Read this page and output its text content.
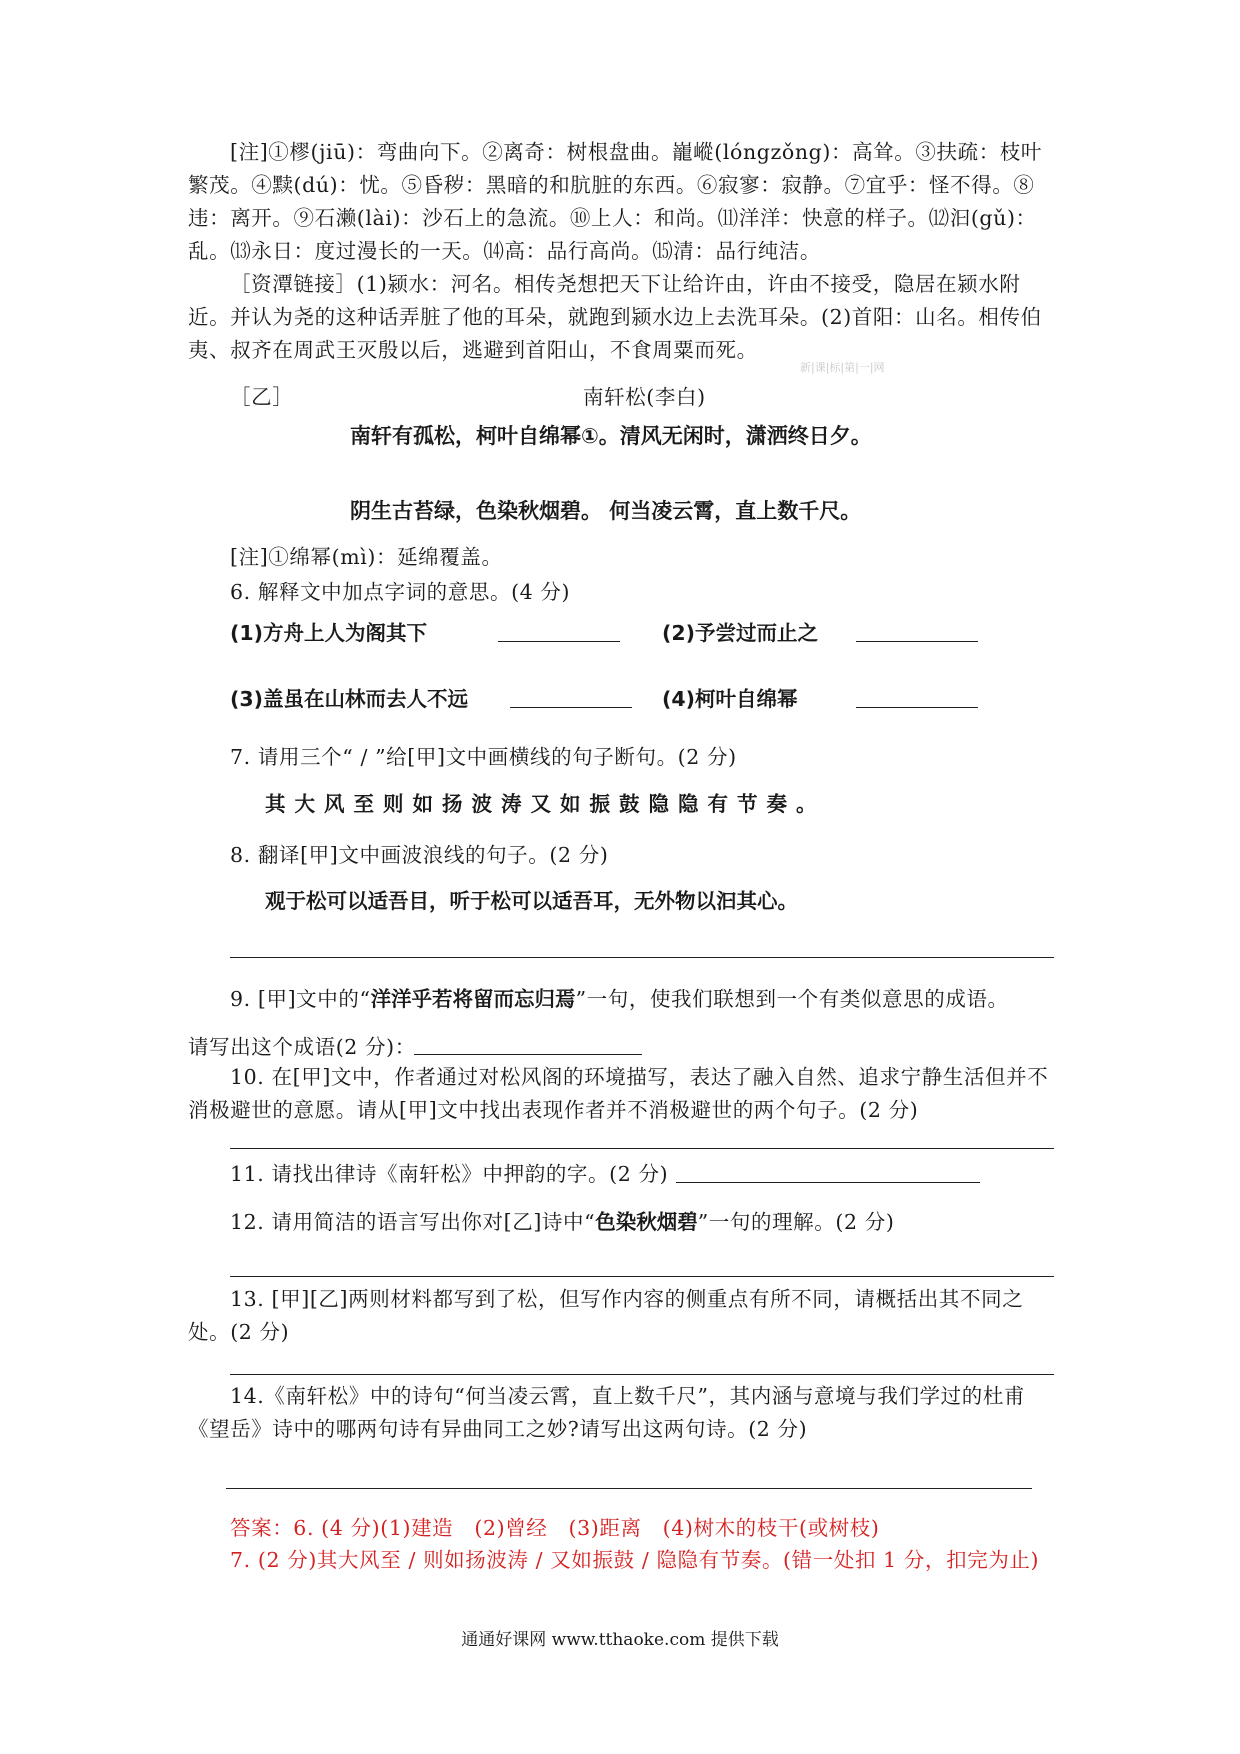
[注]①樛(jiū)：弯曲向下。②离奇：树根盘曲。巃嵷(lóngzǒng)：高耸。③扶疏：枝叶繁茂。④黩(dú)：忧。⑤昏秽：黑暗的和肮脏的东西。⑥寂寥：寂静。⑦宜乎：怪不得。⑧违：离开。⑨石濑(lài)：沙石上的急流。⑩上人：和尚。⑾洋洋：快意的样子。⑿汩(gǔ)：乱。⒀永日：度过漫长的一天。⒁高：品行高尚。⒂清：品行纯洁。
［资潭链接］(1)颍水：河名。相传尧想把天下让给许由，许由不接受，隐居在颍水附近。并认为尧的这种话弄脏了他的耳朵，就跑到颍水边上去洗耳朵。(2)首阳：山名。相传伯夷、叔齐在周武王灭殷以后，逃避到首阳山，不食周粟而死。
新|课|标|第|一|网
［乙］	南轩松(李白)
南轩有孤松，柯叶自绵幂①。清风无闲时，潇洒终日夕。
阴生古苔绿，色染秋烟碧。 何当凌云霄，直上数千尺。
[注]①绵幂(mì)：延绵覆盖。
6. 解释文中加点字词的意思。(4 分)
(1)方舟上人为阁其下	(2)予尝过而止之
(3)盖虽在山林而去人不远	(4)柯叶自绵幂
7. 请用三个“ / ”给[甲]文中画横线的句子断句。(2 分)
其大风至则如扬波涛又如振鼓隐隐有节奏。
8. 翻译[甲]文中画波浪线的句子。(2 分)
观于松可以适吾目，听于松可以适吾耳，无外物以汩其心。
9. [甲]文中的“洋洋乎若将留而忘归焉”一句，使我们联想到一个有类似意思的成语。
请写出这个成语(2 分)：
10. 在[甲]文中，作者通过对松风阁的环境描写，表达了融入自然、追求宁静生活但并不消极避世的意愿。请从[甲]文中找出表现作者并不消极避世的两个句子。(2 分)
11. 请找出律诗《南轩松》中押韵的字。(2 分)
12. 请用简洁的语言写出你对[乙]诗中“色染秋烟碧”一句的理解。(2 分)
13. [甲][乙]两则材料都写到了松，但写作内容的侧重点有所不同，请概括出其不同之处。(2 分)
14.《南轩松》中的诗句“何当凌云霄，直上数千尺”，其内涵与意境与我们学过的杜甫《望岳》诗中的哪两句诗有异曲同工之妙?请写出这两句诗。(2 分)
答案：6. (4 分)(1)建造　(2)曾经　(3)距离　(4)树木的枝干(或树枝)
7. (2 分)其大风至 / 则如扬波涛 / 又如振鼓 / 隐隐有节奏。(错一处扣 1 分，扣完为止)
通通好课网 www.tthaoke.com 提供下载
